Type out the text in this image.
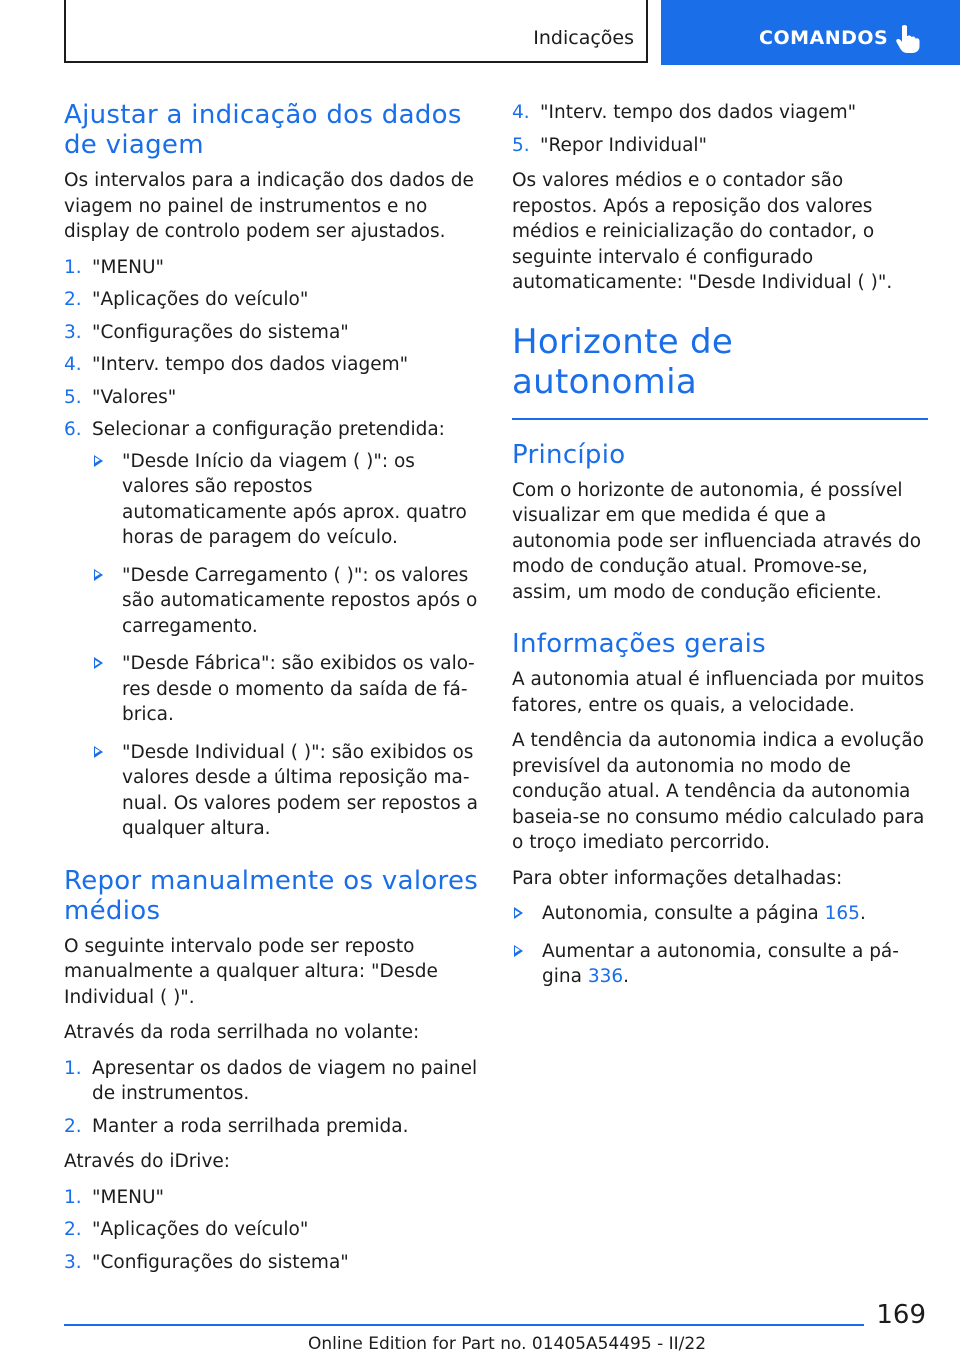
Indicações	COMANDOS
Ajustar a indicação dos dados de viagem

Os intervalos para a indicação dos dados de viagem no painel de instrumentos e no display de controlo podem ser ajustados.

1. "MENU"
2. "Aplicações do veículo"
3. "Configurações do sistema"
4. "Interv. tempo dos dados viagem"
5. "Valores"
6. Selecionar a configuração pretendida:
"Desde Início da viagem ( )": os valores são repostos automaticamente após aprox. quatro horas de paragem do veículo.
"Desde Carregamento ( )": os valores são automaticamente repostos após o carregamento.
"Desde Fábrica": são exibidos os valores desde o momento da saída de fábrica.
"Desde Individual ( )": são exibidos os valores desde a última reposição manual. Os valores podem ser repostos a qualquer altura.
Repor manualmente os valores médios

O seguinte intervalo pode ser reposto manualmente a qualquer altura: "Desde Individual ( )".

Através da roda serrilhada no volante:

1. Apresentar os dados de viagem no painel de instrumentos.
2. Manter a roda serrilhada premida.

Através do iDrive:

1. "MENU"
2. "Aplicações do veículo"
3. "Configurações do sistema"
4. "Interv. tempo dos dados viagem"
5. "Repor Individual"

Os valores médios e o contador são repostos. Após a reposição dos valores médios e reinicialização do contador, o seguinte intervalo é configurado automaticamente: "Desde Individual ( )".

Horizonte de autonomia
Princípio

Com o horizonte de autonomia, é possível visualizar em que medida é que a autonomia pode ser influenciada através do modo de condução atual. Promove-se, assim, um modo de condução eficiente.

Informações gerais

A autonomia atual é influenciada por muitos fatores, entre os quais, a velocidade.

A tendência da autonomia indica a evolução previsível da autonomia no modo de condução atual. A tendência da autonomia baseia-se no consumo médio calculado para o troço imediato percorrido.

Para obter informações detalhadas:

Autonomia, consulte a página 165.
Aumentar a autonomia, consulte a página 336.
169
Online Edition for Part no. 01405A54495 - II/22
